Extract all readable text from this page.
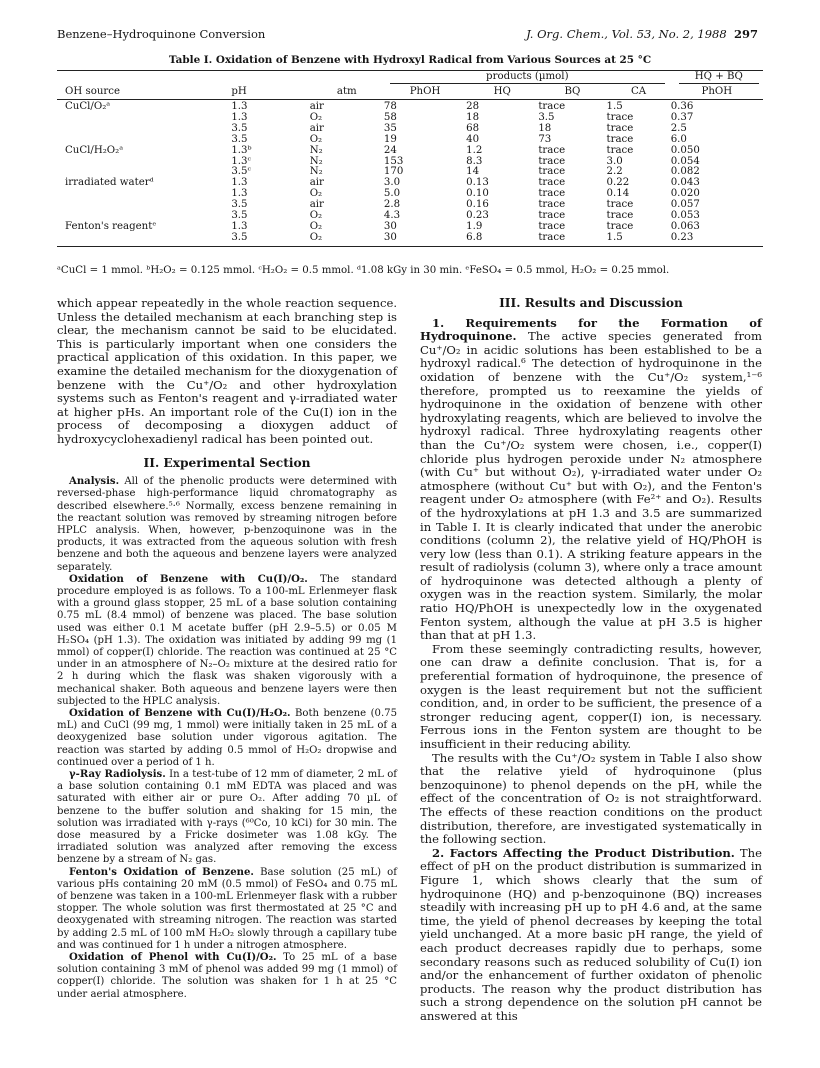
Benzene–Hydroquinone Conversion	J. Org. Chem., Vol. 53, No. 2, 1988 297
Table I. Oxidation of Benzene with Hydroxyl Radical from Various Sources at 25 °C

			products (µmol)				HQ + BQ

OH source	pH	atm	PhOH	HQ	BQ	CA	PhOH
CuCl/O₂ᵃ	1.3	air	78	28	trace	1.5	0.36
	1.3	O₂	58	18	3.5	trace	0.37
	3.5	air	35	68	18	trace	2.5
	3.5	O₂	19	40	73	trace	6.0
CuCl/H₂O₂ᵃ	1.3ᵇ	N₂	24	1.2	trace	trace	0.050
	1.3ᶜ	N₂	153	8.3	trace	3.0	0.054
	3.5ᶜ	N₂	170	14	trace	2.2	0.082
irradiated waterᵈ	1.3	air	3.0	0.13	trace	0.22	0.043
	1.3	O₂	5.0	0.10	trace	0.14	0.020
	3.5	air	2.8	0.16	trace	trace	0.057
	3.5	O₂	4.3	0.23	trace	trace	0.053
Fenton's reagentᵉ	1.3	O₂	30	1.9	trace	trace	0.063
	3.5	O₂	30	6.8	trace	1.5	0.23
ᵃCuCl = 1 mmol. ᵇH₂O₂ = 0.125 mmol. ᶜH₂O₂ = 0.5 mmol. ᵈ1.08 kGy in 30 min. ᵉFeSO₄ = 0.5 mmol, H₂O₂ = 0.25 mmol.

which appear repeatedly in the whole reaction sequence. Unless the detailed mechanism at each branching step is clear, the mechanism cannot be said to be elucidated. This is particularly important when one considers the practical application of this oxidation. In this paper, we examine the detailed mechanism for the dioxygenation of benzene with the Cu⁺/O₂ and other hydroxylation systems such as Fenton's reagent and γ-irradiated water at higher pHs. An important role of the Cu(I) ion in the process of decomposing a dioxygen adduct of hydroxycyclohexadienyl radical has been pointed out.

II. Experimental Section

Analysis. All of the phenolic products were determined with reversed-phase high-performance liquid chromatography as described elsewhere.⁵·⁶ Normally, excess benzene remaining in the reactant solution was removed by streaming nitrogen before HPLC analysis. When, however, p-benzoquinone was in the products, it was extracted from the aqueous solution with fresh benzene and both the aqueous and benzene layers were analyzed separately.

Oxidation of Benzene with Cu(I)/O₂. The standard procedure employed is as follows. To a 100-mL Erlenmeyer flask with a ground glass stopper, 25 mL of a base solution containing 0.75 mL (8.4 mmol) of benzene was placed. The base solution used was either 0.1 M acetate buffer (pH 2.9–5.5) or 0.05 M H₂SO₄ (pH 1.3). The oxidation was initiated by adding 99 mg (1 mmol) of copper(I) chloride. The reaction was continued at 25 °C under in an atmosphere of N₂–O₂ mixture at the desired ratio for 2 h during which the flask was shaken vigorously with a mechanical shaker. Both aqueous and benzene layers were then subjected to the HPLC analysis.

Oxidation of Benzene with Cu(I)/H₂O₂. Both benzene (0.75 mL) and CuCl (99 mg, 1 mmol) were initially taken in 25 mL of a deoxygenized base solution under vigorous agitation. The reaction was started by adding 0.5 mmol of H₂O₂ dropwise and continued over a period of 1 h.

γ-Ray Radiolysis. In a test-tube of 12 mm of diameter, 2 mL of a base solution containing 0.1 mM EDTA was placed and was saturated with either air or pure O₂. After adding 70 µL of benzene to the buffer solution and shaking for 15 min, the solution was irradiated with γ-rays (⁶⁰Co, 10 kCi) for 30 min. The dose measured by a Fricke dosimeter was 1.08 kGy. The irradiated solution was analyzed after removing the excess benzene by a stream of N₂ gas.

Fenton's Oxidation of Benzene. Base solution (25 mL) of various pHs containing 20 mM (0.5 mmol) of FeSO₄ and 0.75 mL of benzene was taken in a 100-mL Erlenmeyer flask with a rubber stopper. The whole solution was first thermostated at 25 °C and deoxygenated with streaming nitrogen. The reaction was started by adding 2.5 mL of 100 mM H₂O₂ slowly through a capillary tube and was continued for 1 h under a nitrogen atmosphere.

Oxidation of Phenol with Cu(I)/O₂. To 25 mL of a base solution containing 3 mM of phenol was added 99 mg (1 mmol) of copper(I) chloride. The solution was shaken for 1 h at 25 °C under aerial atmosphere.

III. Results and Discussion

1. Requirements for the Formation of Hydroquinone. The active species generated from Cu⁺/O₂ in acidic solutions has been established to be a hydroxyl radical.⁶ The detection of hydroquinone in the oxidation of benzene with the Cu⁺/O₂ system,¹⁻⁶ therefore, prompted us to reexamine the yields of hydroquinone in the oxidation of benzene with other hydroxylating reagents, which are believed to involve the hydroxyl radical. Three hydroxylating reagents other than the Cu⁺/O₂ system were chosen, i.e., copper(I) chloride plus hydrogen peroxide under N₂ atmosphere (with Cu⁺ but without O₂), γ-irradiated water under O₂ atmosphere (without Cu⁺ but with O₂), and the Fenton's reagent under O₂ atmosphere (with Fe²⁺ and O₂). Results of the hydroxylations at pH 1.3 and 3.5 are summarized in Table I. It is clearly indicated that under the anerobic conditions (column 2), the relative yield of HQ/PhOH is very low (less than 0.1). A striking feature appears in the result of radiolysis (column 3), where only a trace amount of hydroquinone was detected although a plenty of oxygen was in the reaction system. Similarly, the molar ratio HQ/PhOH is unexpectedly low in the oxygenated Fenton system, although the value at pH 3.5 is higher than that at pH 1.3.

From these seemingly contradicting results, however, one can draw a definite conclusion. That is, for a preferential formation of hydroquinone, the presence of oxygen is the least requirement but not the sufficient condition, and, in order to be sufficient, the presence of a stronger reducing agent, copper(I) ion, is necessary. Ferrous ions in the Fenton system are thought to be insufficient in their reducing ability.

The results with the Cu⁺/O₂ system in Table I also show that the relative yield of hydroquinone (plus benzoquinone) to phenol depends on the pH, while the effect of the concentration of O₂ is not straightforward. The effects of these reaction conditions on the product distribution, therefore, are investigated systematically in the following section.

2. Factors Affecting the Product Distribution. The effect of pH on the product distribution is summarized in Figure 1, which shows clearly that the sum of hydroquinone (HQ) and p-benzoquinone (BQ) increases steadily with increasing pH up to pH 4.6 and, at the same time, the yield of phenol decreases by keeping the total yield unchanged. At a more basic pH range, the yield of each product decreases rapidly due to perhaps, some secondary reasons such as reduced solubility of Cu(I) ion and/or the enhancement of further oxidaton of phenolic products. The reason why the product distribution has such a strong dependence on the solution pH cannot be answered at this
